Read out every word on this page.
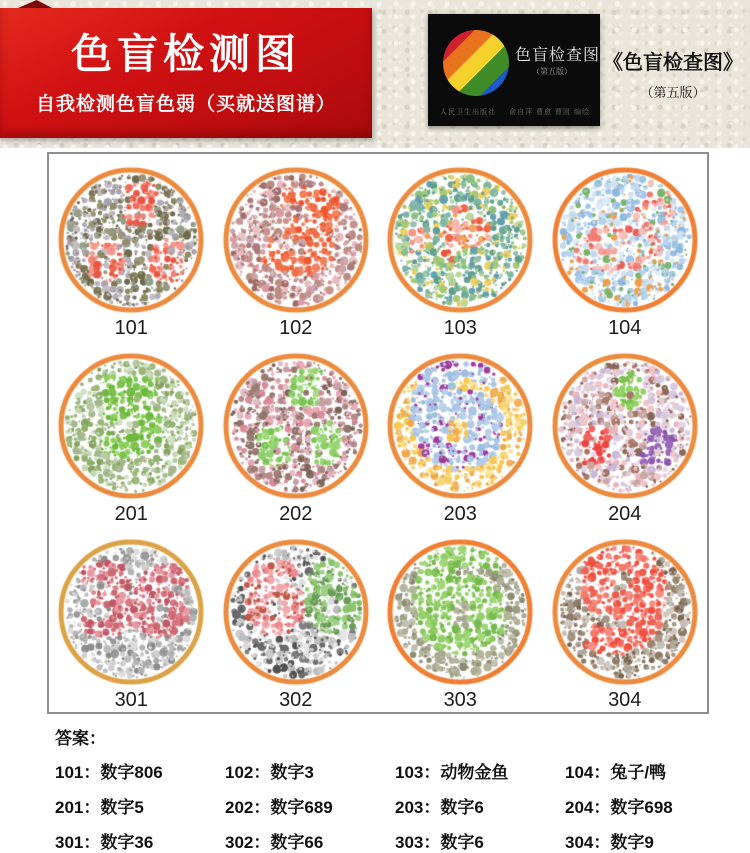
色盲检测图
自我检测色盲色弱（买就送图谱）
色盲检查图
（第五版）
人民卫生出版社 俞自萍 曹愈 曹凯 编绘
《色盲检查图》
（第五版）
101	102	103	104
201	202	203	204
301	302	303	304
答案：
101：数字806	102：数字3	103：动物金鱼	104：兔子/鸭
201：数字5	202：数字689	203：数字6	204：数字698
301：数字36	302：数字66	303：数字6	304：数字9
